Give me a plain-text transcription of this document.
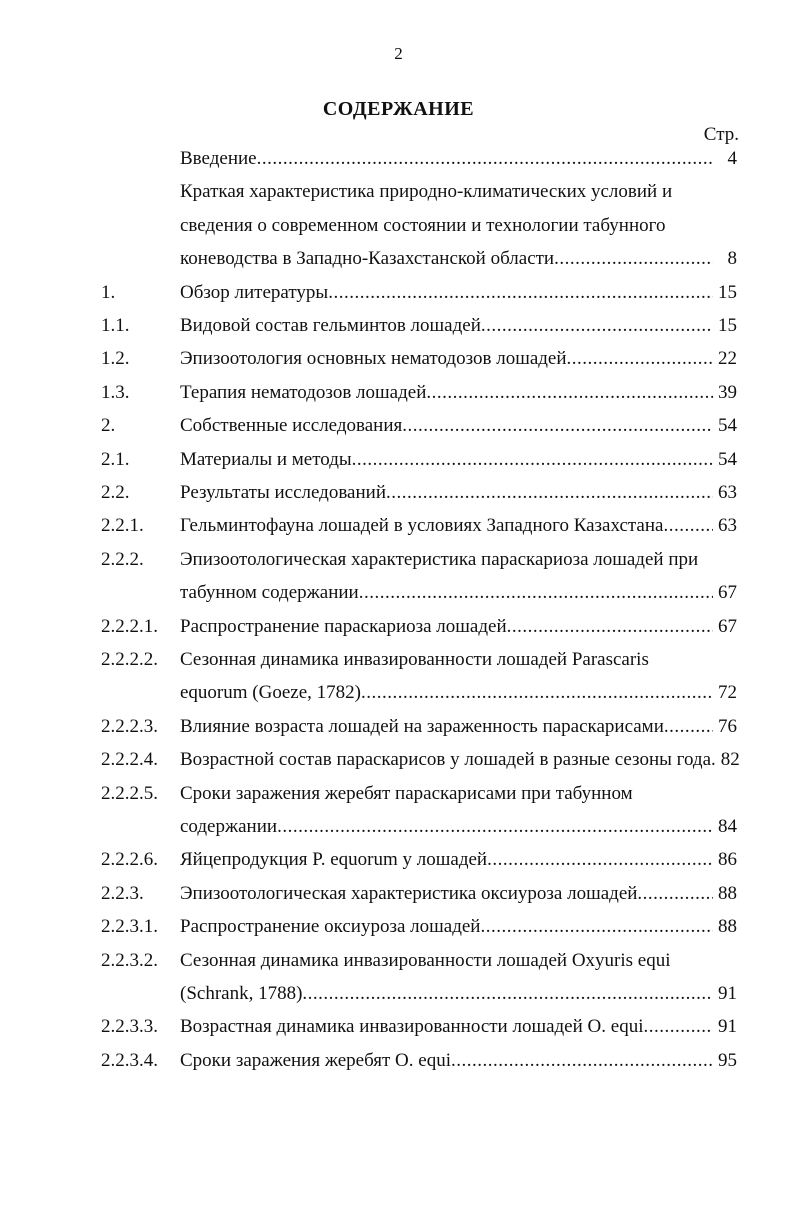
2
СОДЕРЖАНИЕ
Стр.
Введение .....	4
Краткая характеристика природно-климатических условий и
сведения о современном состоянии и технологии табунного
коневодства в Западно-Казахстанской области .....	8
1.	Обзор литературы .....	15
1.1.	Видовой состав гельминтов лошадей .....	15
1.2.	Эпизоотология основных нематодозов лошадей .....	22
1.3.	Терапия нематодозов лошадей .....	39
2.	Собственные исследования .....	54
2.1.	Материалы и методы .....	54
2.2.	Результаты исследований .....	63
2.2.1. Гельминтофауна лошадей в условиях Западного Казахстана .....	63
2.2.2. Эпизоотологическая характеристика параскариоза лошадей при
табунном содержании .....	67
2.2.2.1. Распространение параскариоза лошадей .....	67
2.2.2.2. Сезонная динамика инвазированности лошадей Parascaris
equorum (Goeze, 1782) .....	72
2.2.2.3. Влияние возраста лошадей на зараженность параскарисами .....	76
2.2.2.4. Возрастной состав параскарисов у лошадей в разные сезоны года. 82
2.2.2.5. Сроки заражения жеребят параскарисами при табунном
содержании .....	84
2.2.2.6. Яйцепродукция P. equorum у лошадей .....	86
2.2.3. Эпизоотологическая характеристика оксиуроза лошадей .....	88
2.2.3.1. Распространение оксиуроза лошадей .....	88
2.2.3.2. Сезонная динамика инвазированности лошадей Oxyuris equi
(Schrank, 1788) .....	91
2.2.3.3. Возрастная динамика инвазированности лошадей O. equi .....	91
2.2.3.4. Сроки заражения жеребят O. equi .....	95
